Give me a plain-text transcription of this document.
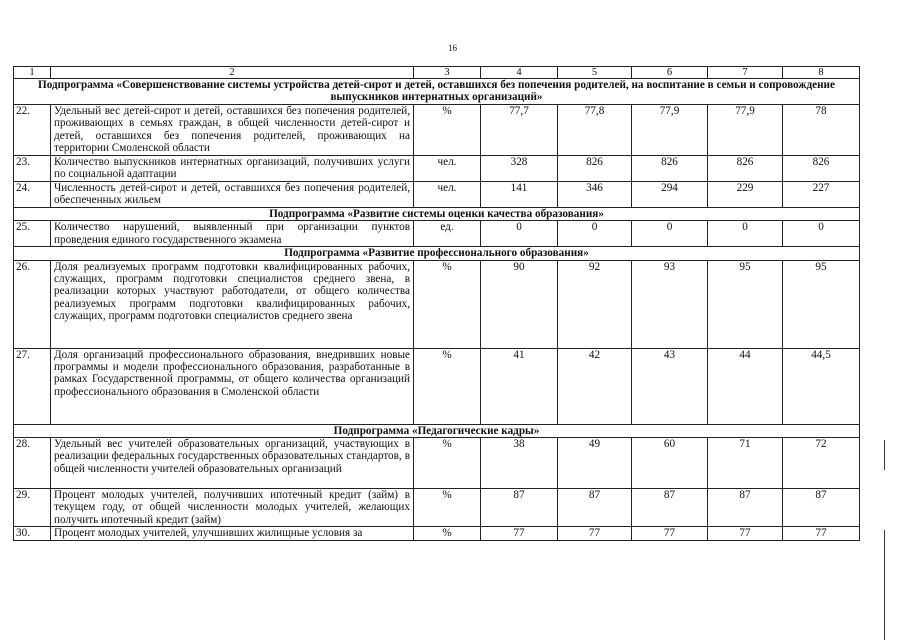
16
1	2	3	4	5	6	7	8
Подпрограмма «Совершенствование системы устройства детей-сирот и детей, оставшихся без попечения родителей, на воспитание в семьи и сопровождение выпускников интернатных организаций»							
22.	Удельный вес детей-сирот и детей, оставшихся без попечения родителей, проживающих в семьях граждан, в общей численности детей-сирот и детей, оставшихся без попечения родителей, проживающих на территории Смоленской области	%	77,7	77,8	77,9	77,9	78
23.	Количество выпускников интернатных организаций, получивших услуги по социальной адаптации	чел.	328	826	826	826	826
24.	Численность детей-сирот и детей, оставшихся без попечения родителей, обеспеченных жильем	чел.	141	346	294	229	227
Подпрограмма «Развитие системы оценки качества образования»							
25.	Количество нарушений, выявленный при организации пунктов проведения единого государственного экзамена	ед.	0	0	0	0	0
Подпрограмма «Развитие профессионального образования»							
26.	Доля реализуемых программ подготовки квалифицированных рабочих, служащих, программ подготовки специалистов среднего звена, в реализации которых участвуют работодатели, от общего количества реализуемых программ подготовки квалифицированных рабочих, служащих, программ подготовки специалистов среднего звена	%	90	92	93	95	95
27.	Доля организаций профессионального образования, внедривших новые программы и модели профессионального образования, разработанные в рамках Государственной программы, от общего количества организаций профессионального образования в Смоленской области	%	41	42	43	44	44,5
Подпрограмма «Педагогические кадры»							
28.	Удельный вес учителей образовательных организаций, участвующих в реализации федеральных государственных образовательных стандартов, в общей численности учителей образовательных организаций	%	38	49	60	71	72
29.	Процент молодых учителей, получивших ипотечный кредит (займ) в текущем году, от общей численности молодых учителей, желающих получить ипотечный кредит (займ)	%	87	87	87	87	87
30.	Процент молодых учителей, улучшивших жилищные условия за	%	77	77	77	77	77
